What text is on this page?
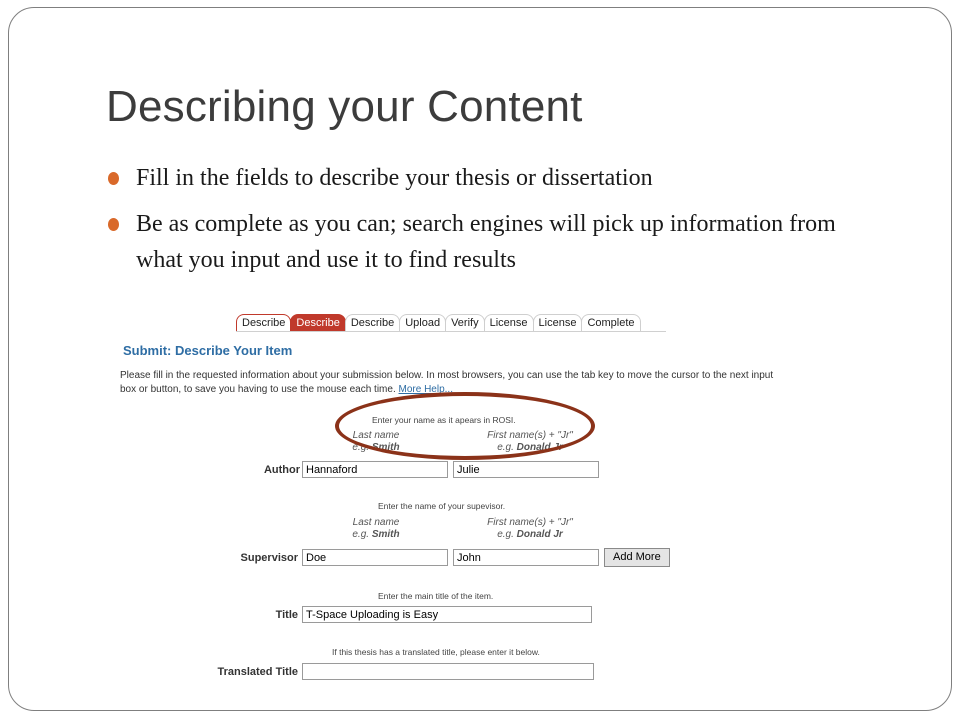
Describing your Content
Fill in the fields to describe your thesis or dissertation
Be as complete as you can; search engines will pick up information from what you input and use it to find results
Describe	Describe	Describe	Upload	Verify	License	License	Complete
Submit: Describe Your Item
Please fill in the requested information about your submission below. In most browsers, you can use the tab key to move the cursor to the next input box or button, to save you having to use the mouse each time. More Help...
Enter your name as it apears in ROSI.
Last name
e.g. Smith
First name(s) + "Jr"
e.g. Donald Jr
Author Hannaford	Julie
Enter the name of your supevisor.
Last name
e.g. Smith
First name(s) + "Jr"
e.g. Donald Jr
Supervisor Doe	John	Add More
Enter the main title of the item.
Title T-Space Uploading is Easy
If this thesis has a translated title, please enter it below.
Translated Title
